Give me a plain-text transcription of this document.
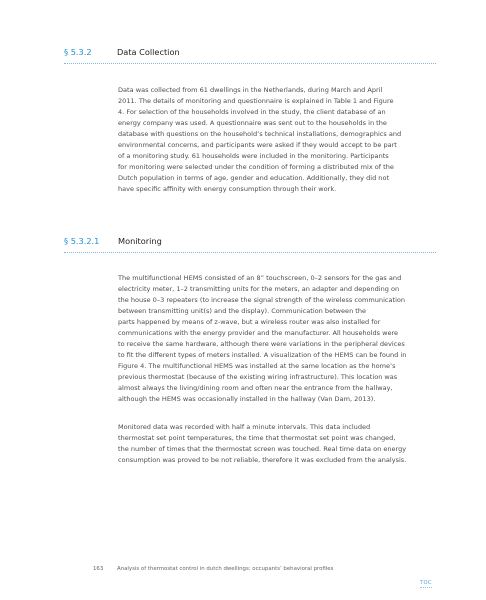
§ 5.3.2	Data Collection
Data was collected from 61 dwellings in the Netherlands, during March and April
2011. The details of monitoring and questionnaire is explained in Table 1 and Figure
4. For selection of the households involved in the study, the client database of an
energy company was used. A questionnaire was sent out to the households in the
database with questions on the household’s technical installations, demographics and
environmental concerns, and participants were asked if they would accept to be part
of a monitoring study. 61 households were included in the monitoring. Participants
for monitoring were selected under the condition of forming a distributed mix of the
Dutch population in terms of age, gender and education. Additionally, they did not
have specific affinity with energy consumption through their work.
§ 5.3.2.1 Monitoring
The multifunctional HEMS consisted of an 8” touchscreen, 0–2 sensors for the gas and
electricity meter, 1–2 transmitting units for the meters, an adapter and depending on
the house 0–3 repeaters (to increase the signal strength of the wireless communication
between transmitting unit(s) and the display). Communication between the
parts happened by means of z-wave, but a wireless router was also installed for
communications with the energy provider and the manufacturer. All households were
to receive the same hardware, although there were variations in the peripheral devices
to fit the different types of meters installed. A visualization of the HEMS can be found in
Figure 4. The multifunctional HEMS was installed at the same location as the home’s
previous thermostat (because of the existing wiring infrastructure). This location was
almost always the living/dining room and often near the entrance from the hallway,
although the HEMS was occasionally installed in the hallway (Van Dam, 2013).
Monitored data was recorded with half a minute intervals. This data included
thermostat set point temperatures, the time that thermostat set point was changed,
the number of times that the thermostat screen was touched. Real time data on energy
consumption was proved to be not reliable, therefore it was excluded from the analysis.
163	Analysis of thermostat control in dutch dwellings: occupants’ behavioral profiles
TOC
